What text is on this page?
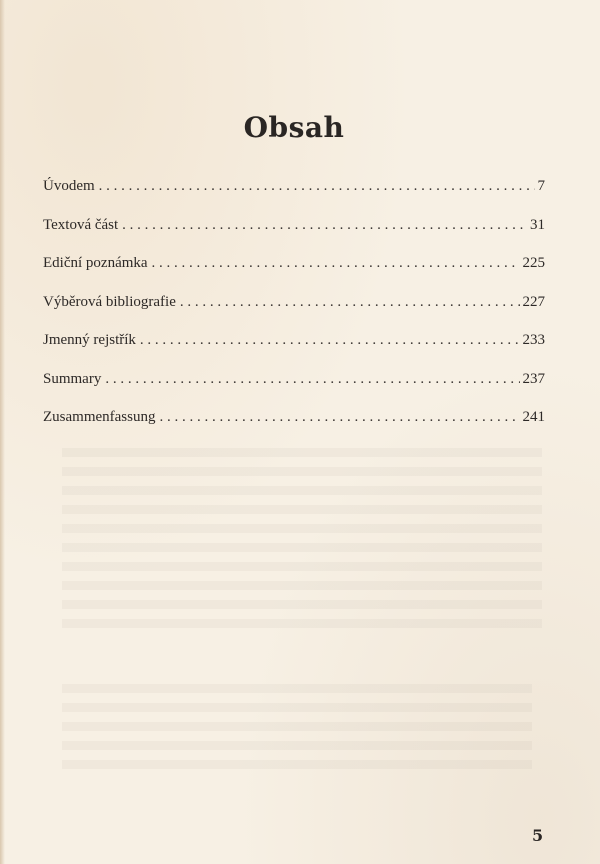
Obsah
Úvodem . . .	7
Textová část . . .	31
Ediční poznámka . . .	225
Výběrová bibliografie . . .	227
Jmenný rejstřík . . .	233
Summary . . .	237
Zusammenfassung . . .	241
5
